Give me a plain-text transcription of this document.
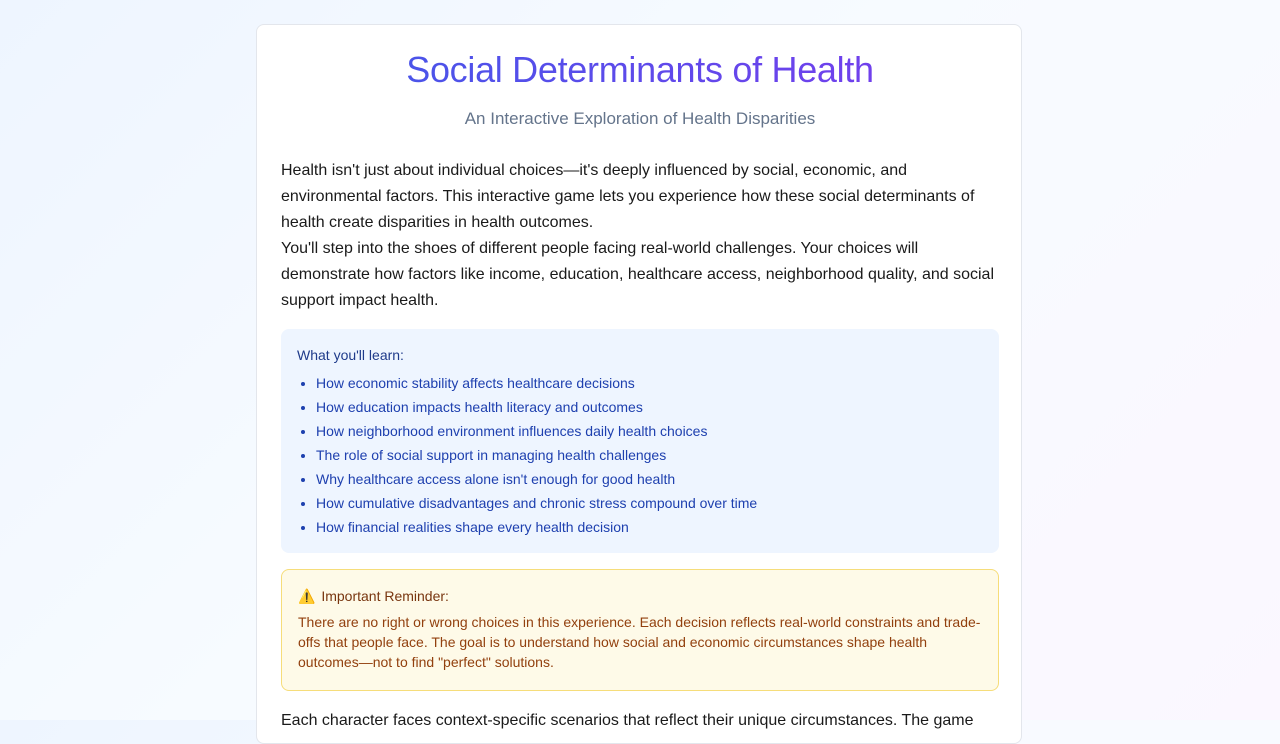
Social Determinants of Health
An Interactive Exploration of Health Disparities

Health isn't just about individual choices—it's deeply influenced by social, economic, and environmental factors. This interactive game lets you experience how these social determinants of health create disparities in health outcomes.

You'll step into the shoes of different people facing real-world challenges. Your choices will demonstrate how factors like income, education, healthcare access, neighborhood quality, and social support impact health.

What you'll learn:
• How economic stability affects healthcare decisions
• How education impacts health literacy and outcomes
• How neighborhood environment influences daily health choices
• The role of social support in managing health challenges
• Why healthcare access alone isn't enough for good health
• How cumulative disadvantages and chronic stress compound over time
• How financial realities shape every health decision
⚠️ Important Reminder:
There are no right or wrong choices in this experience. Each decision reflects real-world constraints and trade-offs that people face. The goal is to understand how social and economic circumstances shape health outcomes—not to find "perfect" solutions.

Each character faces context-specific scenarios that reflect their unique circumstances. The game
